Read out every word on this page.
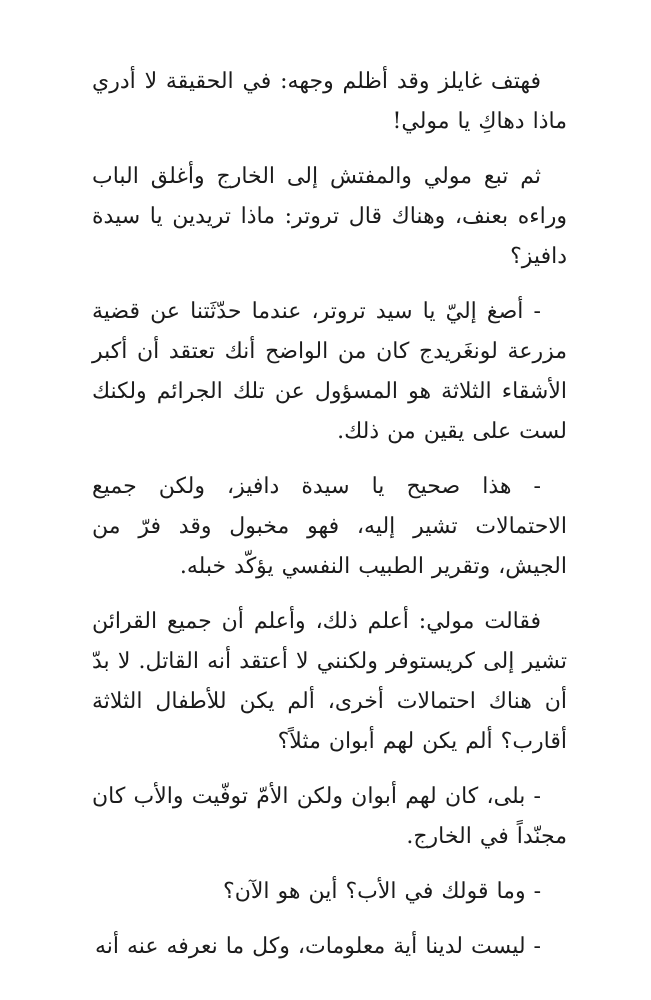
فهتف غايلز وقد أظلم وجهه: في الحقيقة لا أدري ماذا دهاكِ يا مولي!

ثم تبع مولي والمفتش إلى الخارج وأغلق الباب وراءه بعنف، وهناك قال تروتر: ماذا تريدين يا سيدة دافيز؟

- أصغ إليّ يا سيد تروتر، عندما حدّثَتنا عن قضية مزرعة لونغَريدج كان من الواضح أنك تعتقد أن أكبر الأشقاء الثلاثة هو المسؤول عن تلك الجرائم ولكنك لست على يقين من ذلك.

- هذا صحيح يا سيدة دافيز، ولكن جميع الاحتمالات تشير إليه، فهو مخبول وقد فرّ من الجيش، وتقرير الطبيب النفسي يؤكّد خبله.

فقالت مولي: أعلم ذلك، وأعلم أن جميع القرائن تشير إلى كريستوفر ولكنني لا أعتقد أنه القاتل. لا بدّ أن هناك احتمالات أخرى، ألم يكن للأطفال الثلاثة أقارب؟ ألم يكن لهم أبوان مثلاً؟

- بلى، كان لهم أبوان ولكن الأمّ توفّيت والأب كان مجنّداً في الخارج.

- وما قولك في الأب؟ أين هو الآن؟

- ليست لدينا أية معلومات، وكل ما نعرفه عنه أنه
